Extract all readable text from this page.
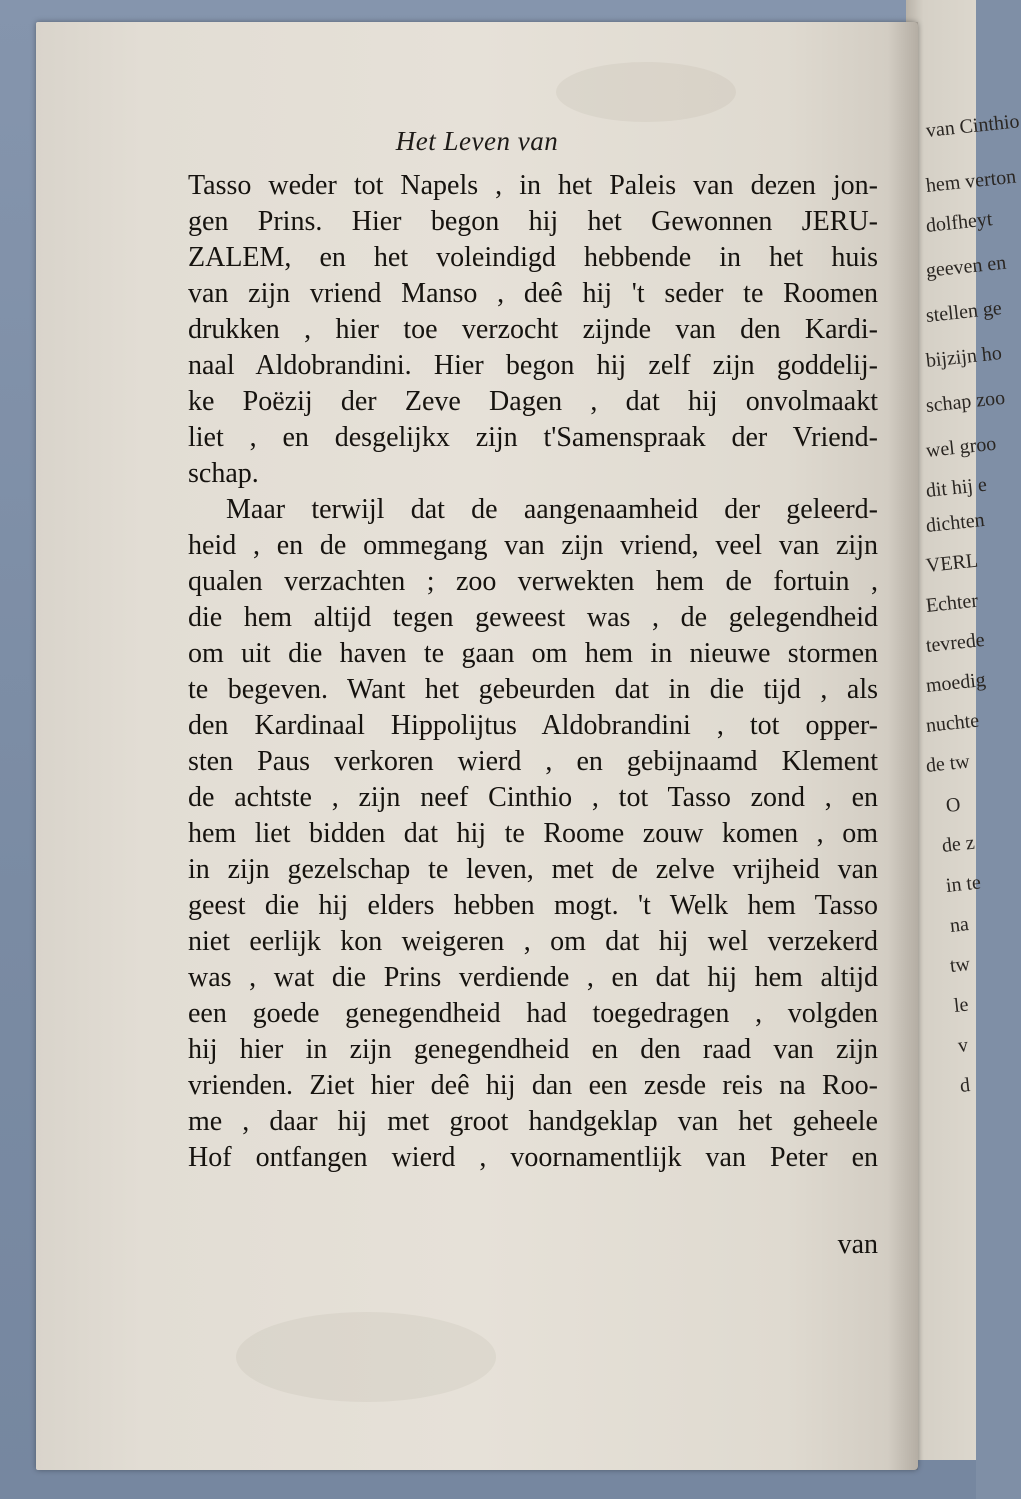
van Cinthio
hem verton
dolfheyt
geeven en
stellen ge
bijzijn ho
schap zoo
wel groo
dit hij e
dichten
VERL
Echter
tevrede
moedig
nuchte
de tw
O
de z
in te
na
tw
le
v
d
Het Leven van
Tasso weder tot Napels , in het Paleis van dezen jon-
gen Prins. Hier begon hij het Gewonnen JERU-
ZALEM, en het voleindigd hebbende in het huis
van zijn vriend Manso , deê hij 't seder te Roomen
drukken , hier toe verzocht zijnde van den Kardi-
naal Aldobrandini. Hier begon hij zelf zijn goddelij-
ke Poëzij der Zeve Dagen , dat hij onvolmaakt
liet , en desgelijkx zijn t'Samenspraak der Vriend-
schap.
Maar terwijl dat de aangenaamheid der geleerd-
heid , en de ommegang van zijn vriend, veel van zijn
qualen verzachten ; zoo verwekten hem de fortuin ,
die hem altijd tegen geweest was , de gelegendheid
om uit die haven te gaan om hem in nieuwe stormen
te begeven. Want het gebeurden dat in die tijd , als
den Kardinaal Hippolijtus Aldobrandini , tot opper-
sten Paus verkoren wierd , en gebijnaamd Klement
de achtste , zijn neef Cinthio , tot Tasso zond , en
hem liet bidden dat hij te Roome zouw komen , om
in zijn gezelschap te leven, met de zelve vrijheid van
geest die hij elders hebben mogt. 't Welk hem Tasso
niet eerlijk kon weigeren , om dat hij wel verzekerd
was , wat die Prins verdiende , en dat hij hem altijd
een goede genegendheid had toegedragen , volgden
hij hier in zijn genegendheid en den raad van zijn
vrienden. Ziet hier deê hij dan een zesde reis na Roo-
me , daar hij met groot handgeklap van het geheele
Hof ontfangen wierd , voornamentlijk van Peter en
van
